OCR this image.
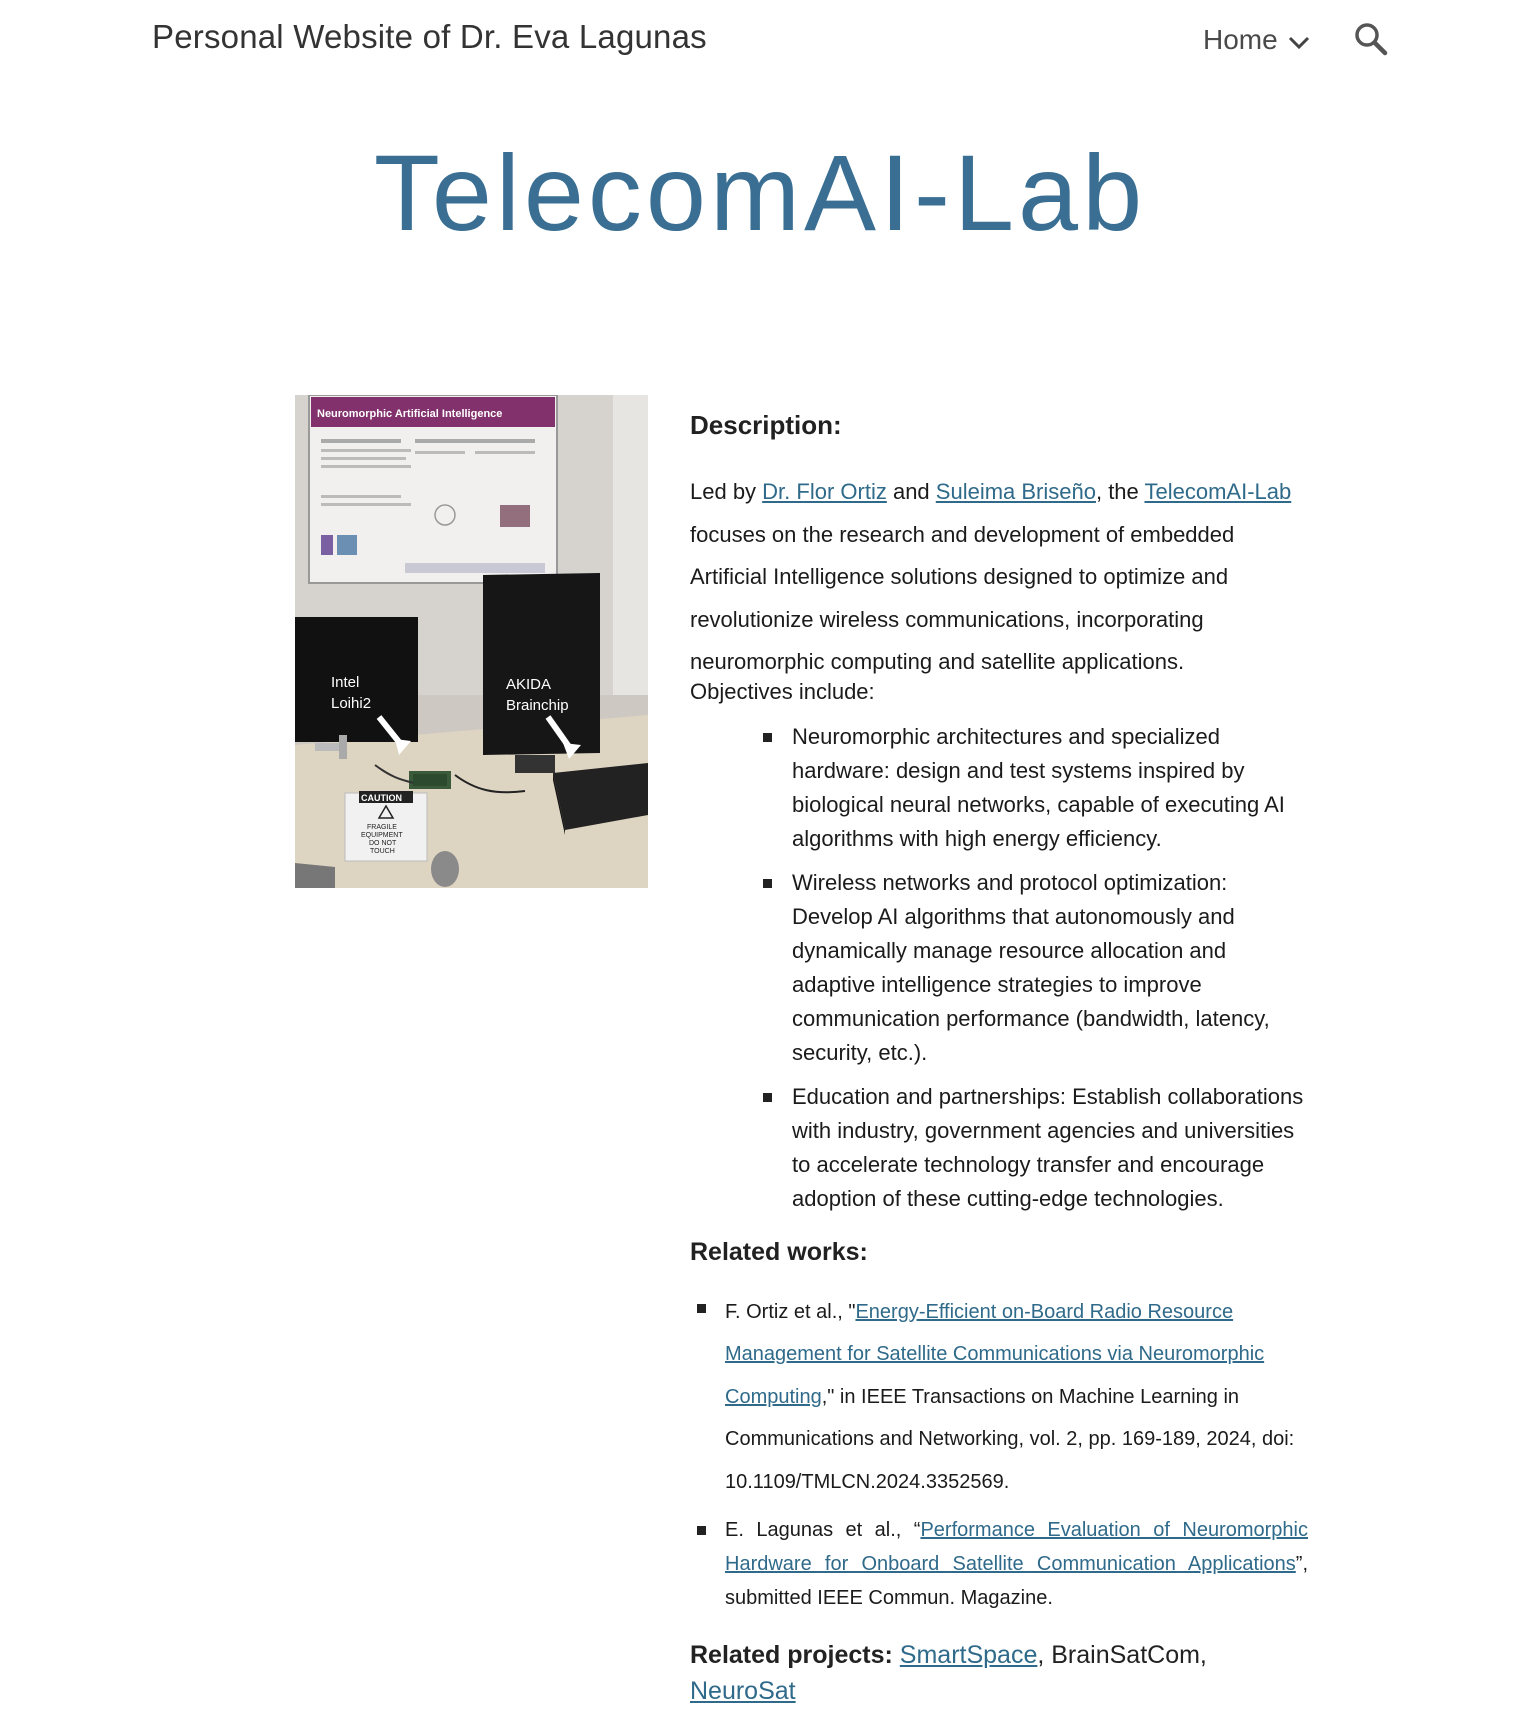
Personal Website of Dr. Eva Lagunas	Home
TelecomAI-Lab
Neuromorphic Artificial Intelligence
Intel
Loihi2
AKIDA
Brainchip
CAUTION
FRAGILE
EQUIPMENT
DO NOT
TOUCH
Description:

Led by Dr. Flor Ortiz and Suleima Briseño, the TelecomAI-Lab focuses on the research and development of embedded Artificial Intelligence solutions designed to optimize and revolutionize wireless communications, incorporating neuromorphic computing and satellite applications.

Objectives include:

Neuromorphic architectures and specialized hardware: design and test systems inspired by biological neural networks, capable of executing AI algorithms with high energy efficiency.
Wireless networks and protocol optimization: Develop AI algorithms that autonomously and dynamically manage resource allocation and adaptive intelligence strategies to improve communication performance (bandwidth, latency, security, etc.).
Education and partnerships: Establish collaborations with industry, government agencies and universities to accelerate technology transfer and encourage adoption of these cutting-edge technologies.
Related works:
F. Ortiz et al., "Energy-Efficient on-Board Radio Resource Management for Satellite Communications via Neuromorphic Computing," in IEEE Transactions on Machine Learning in Communications and Networking, vol. 2, pp. 169-189, 2024, doi: 10.1109/TMLCN.2024.3352569.
E. Lagunas et al., “Performance Evaluation of Neuromorphic Hardware for Onboard Satellite Communication Applications”, submitted IEEE Commun. Magazine.
Related projects: SmartSpace, BrainSatCom, NeuroSat
